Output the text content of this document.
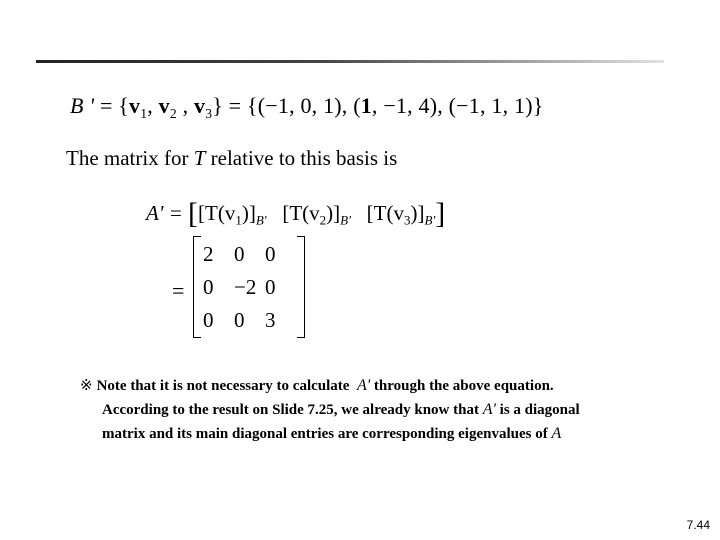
B ' = {$v_1$, $v_2$ , $v_3\} = \{(-1$, 0, 1), (1, −1, 4), (−1, 1, 1)}
The matrix for T relative to this basis is
$A' = [[T(v_1)]_{B'}$ $[T(v_2)]_{B'}$ $[T(v_3)]_{B'}$]
=
2	0	0
0	−2	0
0	0	3
※ Note that it is not necessary to calculate A' through the above equation.
According to the result on Slide 7.25, we already know that A' is a diagonal
matrix and its main diagonal entries are corresponding eigenvalues of A
7.44
